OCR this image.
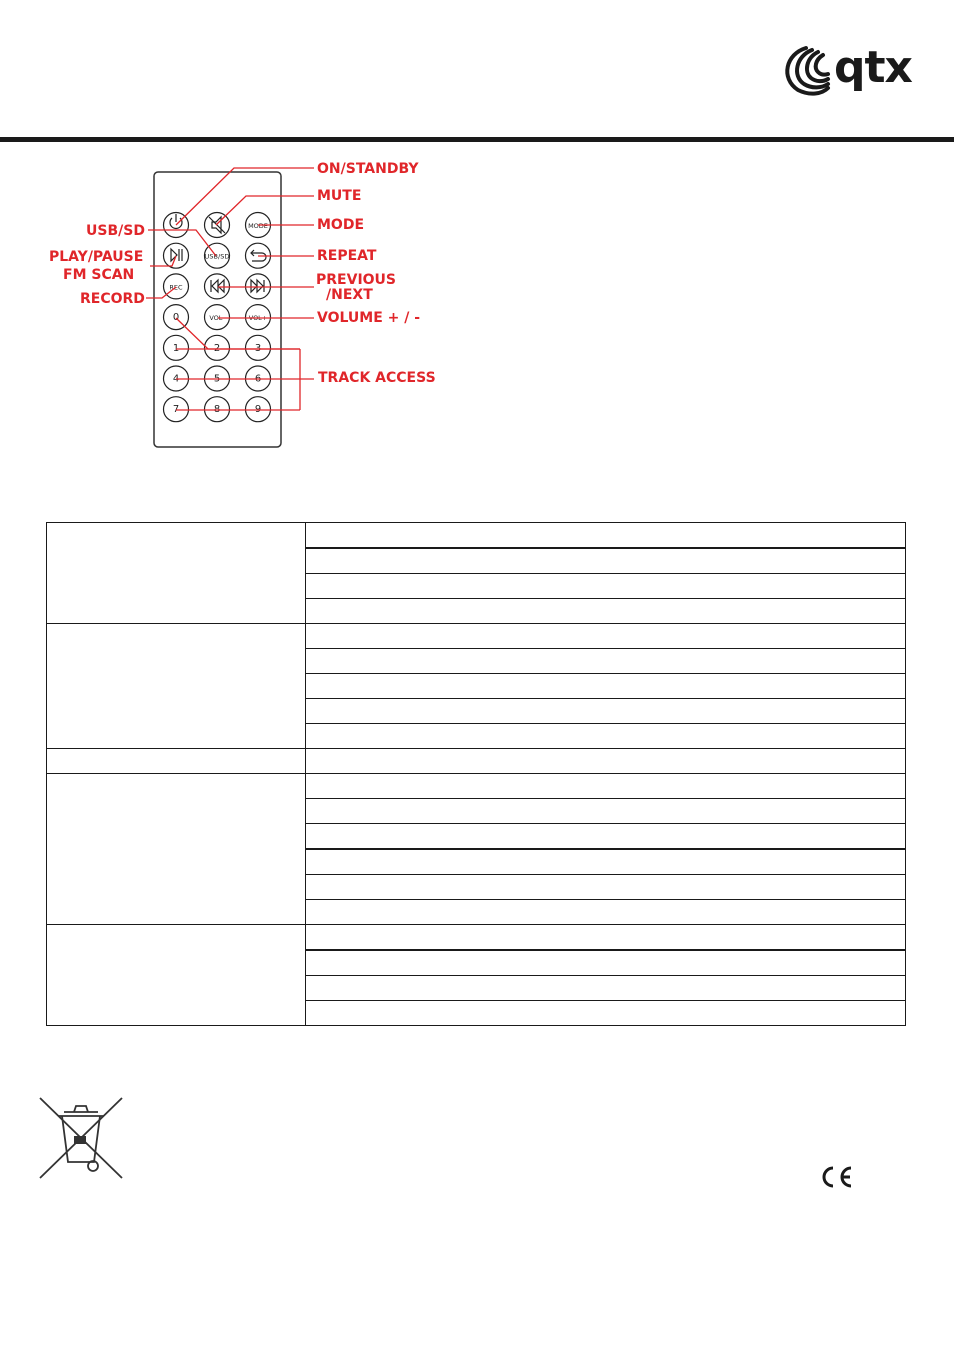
qtx
MODE
USB/SD
REC
0	VOL-	VOL+
1	2	3
4	5	6
7	8	9
ON/STANDBY
MUTE
MODE
USB/SD
REPEAT
PLAY/PAUSE
FM SCAN	PREVIOUS
/NEXT
RECORD
VOLUME + / -
TRACK ACCESS
